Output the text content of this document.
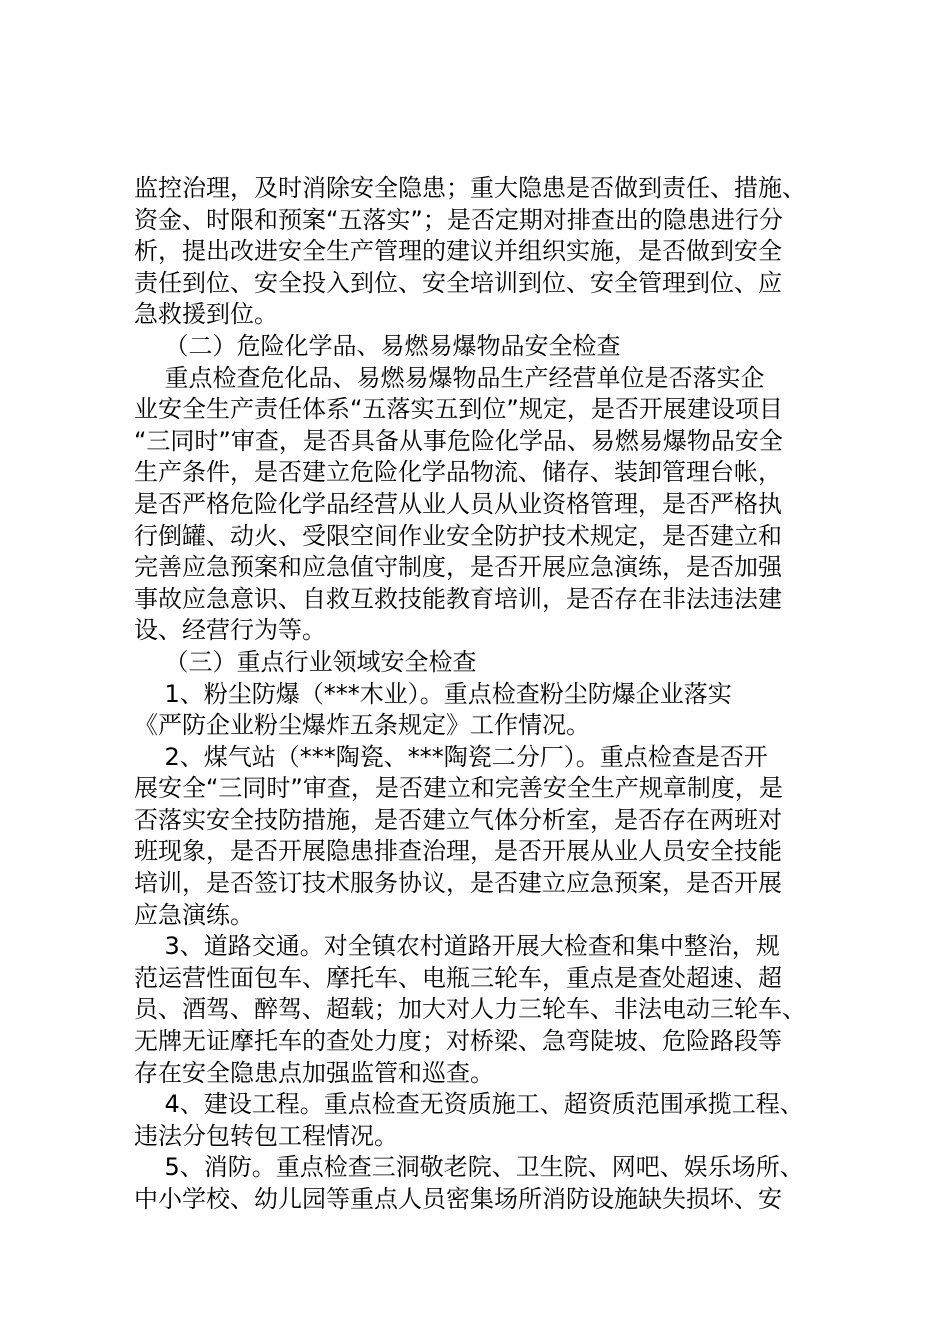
监控治理，及时消除安全隐患；重大隐患是否做到责任、措施、
资金、时限和预案“五落实”；是否定期对排查出的隐患进行分
析，提出改进安全生产管理的建议并组织实施，是否做到安全
责任到位、安全投入到位、安全培训到位、安全管理到位、应
急救援到位。
（二）危险化学品、易燃易爆物品安全检查
重点检查危化品、易燃易爆物品生产经营单位是否落实企
业安全生产责任体系“五落实五到位”规定，是否开展建设项目
“三同时”审查，是否具备从事危险化学品、易燃易爆物品安全
生产条件，是否建立危险化学品物流、储存、装卸管理台帐，
是否严格危险化学品经营从业人员从业资格管理，是否严格执
行倒罐、动火、受限空间作业安全防护技术规定，是否建立和
完善应急预案和应急值守制度，是否开展应急演练，是否加强
事故应急意识、自救互救技能教育培训，是否存在非法违法建
设、经营行为等。
（三）重点行业领域安全检查
1、粉尘防爆（***木业）。重点检查粉尘防爆企业落实
《严防企业粉尘爆炸五条规定》工作情况。
2、煤气站（***陶瓷、***陶瓷二分厂）。重点检查是否开
展安全“三同时”审查，是否建立和完善安全生产规章制度，是
否落实安全技防措施，是否建立气体分析室，是否存在两班对
班现象，是否开展隐患排查治理，是否开展从业人员安全技能
培训，是否签订技术服务协议，是否建立应急预案，是否开展
应急演练。
3、道路交通。对全镇农村道路开展大检查和集中整治，规
范运营性面包车、摩托车、电瓶三轮车，重点是查处超速、超
员、酒驾、醉驾、超载；加大对人力三轮车、非法电动三轮车、
无牌无证摩托车的查处力度；对桥梁、急弯陡坡、危险路段等
存在安全隐患点加强监管和巡查。
4、建设工程。重点检查无资质施工、超资质范围承揽工程、
违法分包转包工程情况。
5、消防。重点检查三洞敬老院、卫生院、网吧、娱乐场所、
中小学校、幼儿园等重点人员密集场所消防设施缺失损坏、安
